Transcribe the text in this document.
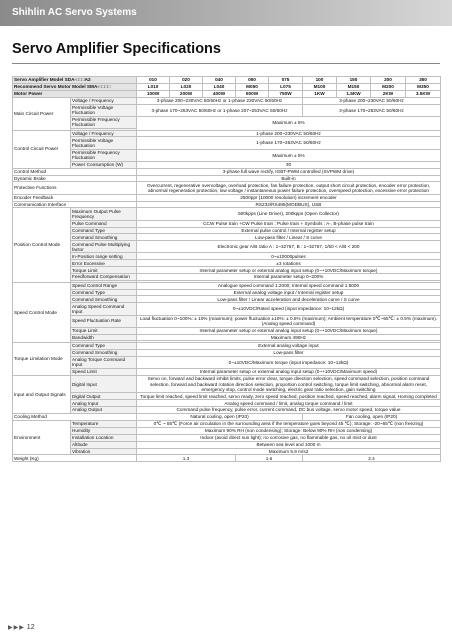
Shihlin AC Servo Systems
Servo Amplifier Specifications
Servo Amplifier Model SDA-□□□A2		010	020	040	050	075	100	150	200	350
Recommend Servo Motor Model SMA-□□□□		L010	L020	L040	M050	L075	M100	M150	M200	M350
Motor Power		100W	200W	400W	500W	750W	1KW	1.5KW	2KW	3.5KW
Main Circuit Power	Voltage / Frequency	3-phase 200~230VAC 50/60Hz or 1-phase 230VAC 50/60Hz					3-phase 200~230VAC 50/60Hz			
	Permissible Voltage Fluctuation	3-phase 170~253VAC 50/60Hz or 1-phase 207~253VAC 50/60Hz					3-phase 170~253VAC 50/60Hz			
	Permissible Frequency Fluctuation	Maximum ± 5%								

Control Circuit Power	Voltage / Frequency	1-phase 200~230VAC 50/60Hz								
	Permissible Voltage Fluctuation	1-phase 170~253VAC 50/60Hz								
	Permissible Frequency Fluctuation	Maximum ± 5%								
	Power Consumption (W)	30								
Control Method		3-phase full wave rectify, IGBT-PWM controlled (SVPWM drive)								
Dynamic Brake		Built-in								
Protective Functions		Overcurrent, regenerative overvoltage, overload protection, fan failure protection, output short circuit protection, encoder error protection, abnormal regeneration protection, low voltage / instantaneous power failure protection, overspeed protection, excessive error protection								
Encoder Feedback		2500ppr (10000 resolution) increment encoder								
Communication Interface		RS232/RS485(MODBUS), USB								
Position Control Mode	Maximum Output Pulse Frequency	500kpps (Line Driver), 200kpps (Open Collector)								
	Pulse Command	CCW Pulse train +CW Pulse train ; Pulse train + Symbols ; A-, B-phase pulse train								
	Command Type	External pulse control / Internal register setup								
	Command Smoothing	Low-pass filter / Linear / S curve								
	Command Pulse Multiplying factor	Electronic gear A/B ratio A : 1~32767, B : 1~32767, 1/50 < A/B < 200								
	In-Position range setting	0~±10000pulses								
	Error Excessive	±3 rotations								
	Torque Limit	Internal parameter setup or external analog input setup (0~+10VDC/Maximum torque)								
	Feedforward Compensation	Internal parameter setup 0~200%								

Speed Control Mode	Speed Control Range	Analogue speed command 1:2000; Internal speed command 1:5000								
	Command Type	External analog voltage input / Internal register setup								
	Command Smoothing	Low-pass filter / Linear acceleration and deceleration curve / S curve								
	Analog Speed Command Input	0~±10VDC/Rated speed (input impedance: 10~12kΩ)								
	Speed Fluctuation Rate	Load fluctuation 0~100%: ± 10% (maximum); power fluctuation ±10%: ± 0.5% (maximum); Ambient temperature 0℃~55℃: ± 0.5% (maximum). (Analog speed command)								
	Torque Limit	Internal parameter setup or external analog input setup (0~+10VDC/Maximum torque)								
	Bandwidth	Maximum 490Hz								

Torque Limitation Mode	Command Type	External analog voltage input								
	Command Smoothing	Low-pass filter								
	Analog Torque Command Input	0~±10VDC/Maximum torque (input impedance: 10~12kΩ)								
	Speed Limit	Internal parameter setup or external analog input setup (0~+10VDC/Maximum speed)								
Input and Output Signals	Digital Input	Servo on, forward and backward inhibit limits, pulse error clear, torque direction selection, speed command selection, position command selection, forward and backward rotation direction selection, proportion control switching, torque limit switching, abnormal alarm reset, emergency stop, control mode switching, electric gear ratio selection, gain switching								
	Digital Output	Torque limit reached, speed limit reached, servo ready, zero speed reached, position reached, speed reached, alarm signal, Homing completed								
	Analog Input	Analog speed command / limit, analog torque command / limit								
	Analog Output	Command pulse frequency, pulse error, current command, DC bus voltage, servo motor speed, torque value								
Cooling Method		Natural cooling, open (IP20)					Fan cooling, open (IP20)			
Environment	Temperature	0℃ ~ 55℃ (Force air circulation in the surrounding area if the temperature goes beyond 45 ℃); Storage: -20~65℃ (non freezing)								
	Humidity	Maximum 90% RH (non condensing); Storage: Below 90% RH (non condensing)								
	Installation Location	Indoor (avoid direct sun light); no corrosive gas, no flammable gas, no oil mist or dust								
	Altitude	Between sea level and 1000 m								
	Vibration	Maximum 5.9 m/s2								
Weight (Kg)		1.3			1.6		2.4			
▶▶▶ 12
